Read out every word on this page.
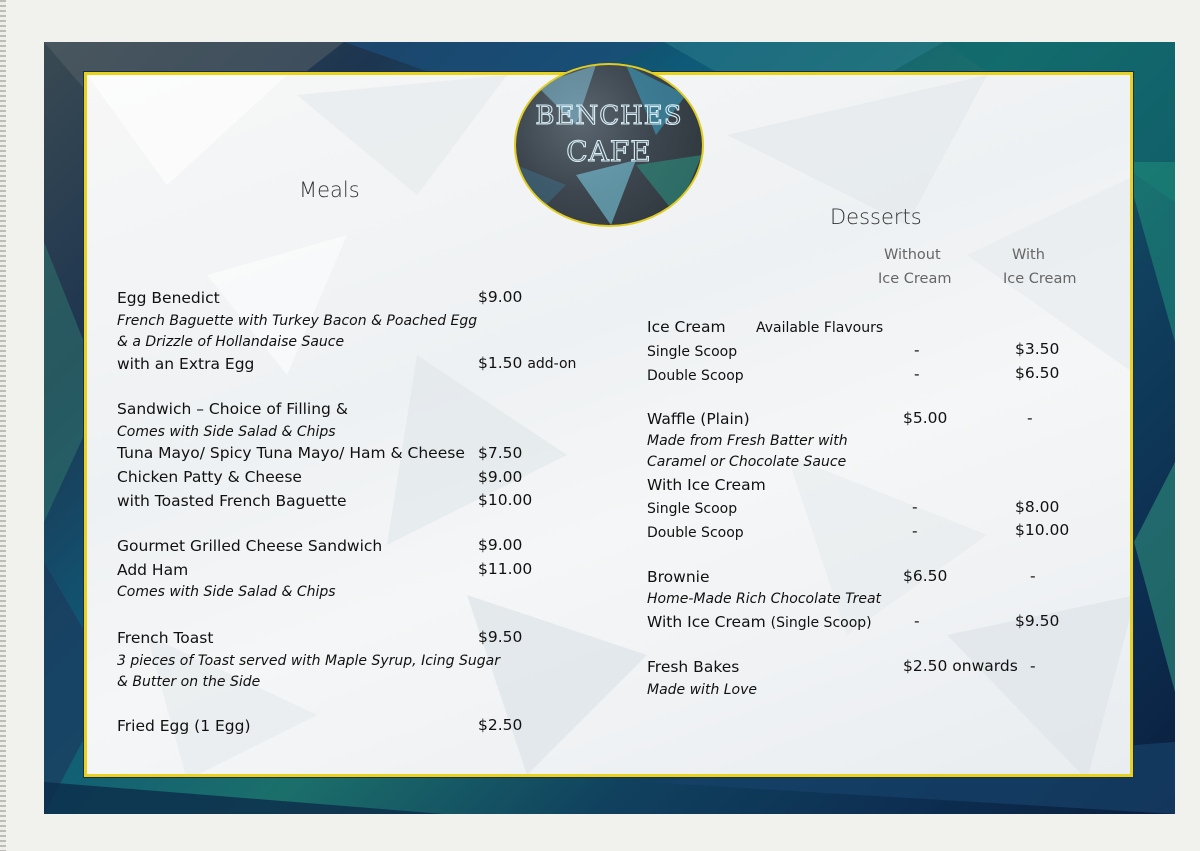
BENCHES
CAFE
Meals
Egg Benedict	$9.00
French Baguette with Turkey Bacon & Poached Egg
& a Drizzle of Hollandaise Sauce
with an Extra Egg	$1.50 add-on
Sandwich – Choice of Filling &
Comes with Side Salad & Chips
Tuna Mayo/ Spicy Tuna Mayo/ Ham & Cheese $7.50
Chicken Patty & Cheese	$9.00
with Toasted French Baguette	$10.00
Gourmet Grilled Cheese Sandwich	$9.00
Add Ham	$11.00
Comes with Side Salad & Chips
French Toast	$9.50
3 pieces of Toast served with Maple Syrup, Icing Sugar
& Butter on the Side
Fried Egg (1 Egg)	$2.50
Desserts
Without
Ice Cream
With
Ice Cream
Ice Cream Available Flavours
Single Scoop	-	$3.50
Double Scoop	-	$6.50
Waffle (Plain)	$5.00	-
Made from Fresh Batter with
Caramel or Chocolate Sauce
With Ice Cream
Single Scoop	-	$8.00
Double Scoop	-	$10.00
Brownie	$6.50	-
Home-Made Rich Chocolate Treat
With Ice Cream (Single Scoop)	-	$9.50
Fresh Bakes	$2.50 onwards -
Made with Love
